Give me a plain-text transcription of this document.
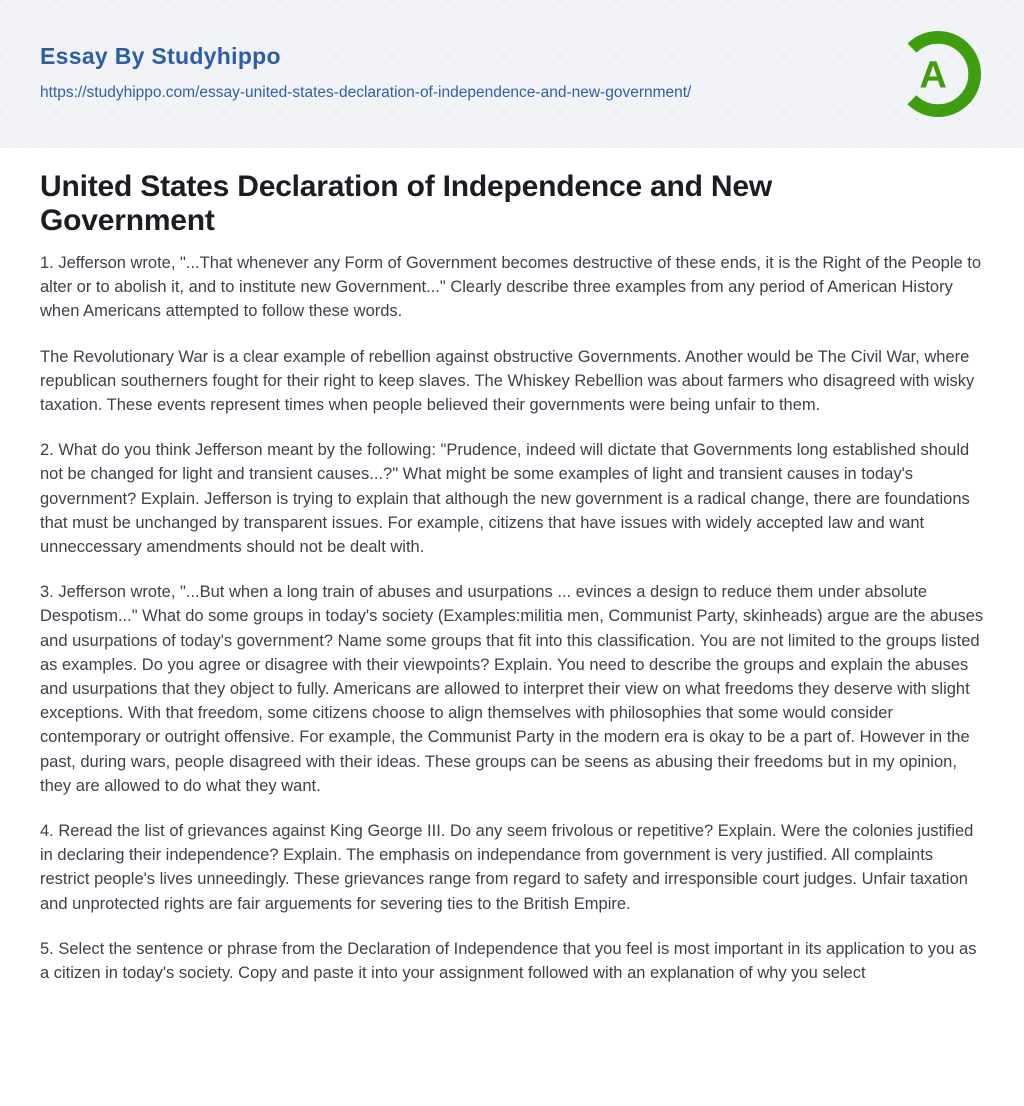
Essay By Studyhippo
https://studyhippo.com/essay-united-states-declaration-of-independence-and-new-government/	A
United States Declaration of Independence and New Government

1. Jefferson wrote, "...That whenever any Form of Government becomes destructive of these ends, it is the Right of the People to alter or to abolish it, and to institute new Government..." Clearly describe three examples from any period of American History when Americans attempted to follow these words.

The Revolutionary War is a clear example of rebellion against obstructive Governments. Another would be The Civil War, where republican southerners fought for their right to keep slaves. The Whiskey Rebellion was about farmers who disagreed with wisky taxation. These events represent times when people believed their governments were being unfair to them.

2. What do you think Jefferson meant by the following: "Prudence, indeed will dictate that Governments long established should not be changed for light and transient causes...?" What might be some examples of light and transient causes in today's government? Explain. Jefferson is trying to explain that although the new government is a radical change, there are foundations that must be unchanged by transparent issues. For example, citizens that have issues with widely accepted law and want unneccessary amendments should not be dealt with.

3. Jefferson wrote, "...But when a long train of abuses and usurpations ... evinces a design to reduce them under absolute Despotism..." What do some groups in today's society (Examples:militia men, Communist Party, skinheads) argue are the abuses and usurpations of today's government? Name some groups that fit into this classification. You are not limited to the groups listed as examples. Do you agree or disagree with their viewpoints? Explain. You need to describe the groups and explain the abuses and usurpations that they object to fully. Americans are allowed to interpret their view on what freedoms they deserve with slight exceptions. With that freedom, some citizens choose to align themselves with philosophies that some would consider contemporary or outright offensive. For example, the Communist Party in the modern era is okay to be a part of. However in the past, during wars, people disagreed with their ideas. These groups can be seens as abusing their freedoms but in my opinion, they are allowed to do what they want.

4. Reread the list of grievances against King George III. Do any seem frivolous or repetitive? Explain. Were the colonies justified in declaring their independence? Explain. The emphasis on independance from government is very justified. All complaints restrict people's lives unneedingly. These grievances range from regard to safety and irresponsible court judges. Unfair taxation and unprotected rights are fair arguements for severing ties to the British Empire.

5. Select the sentence or phrase from the Declaration of Independence that you feel is most important in its application to you as a citizen in today's society. Copy and paste it into your assignment followed with an explanation of why you select
